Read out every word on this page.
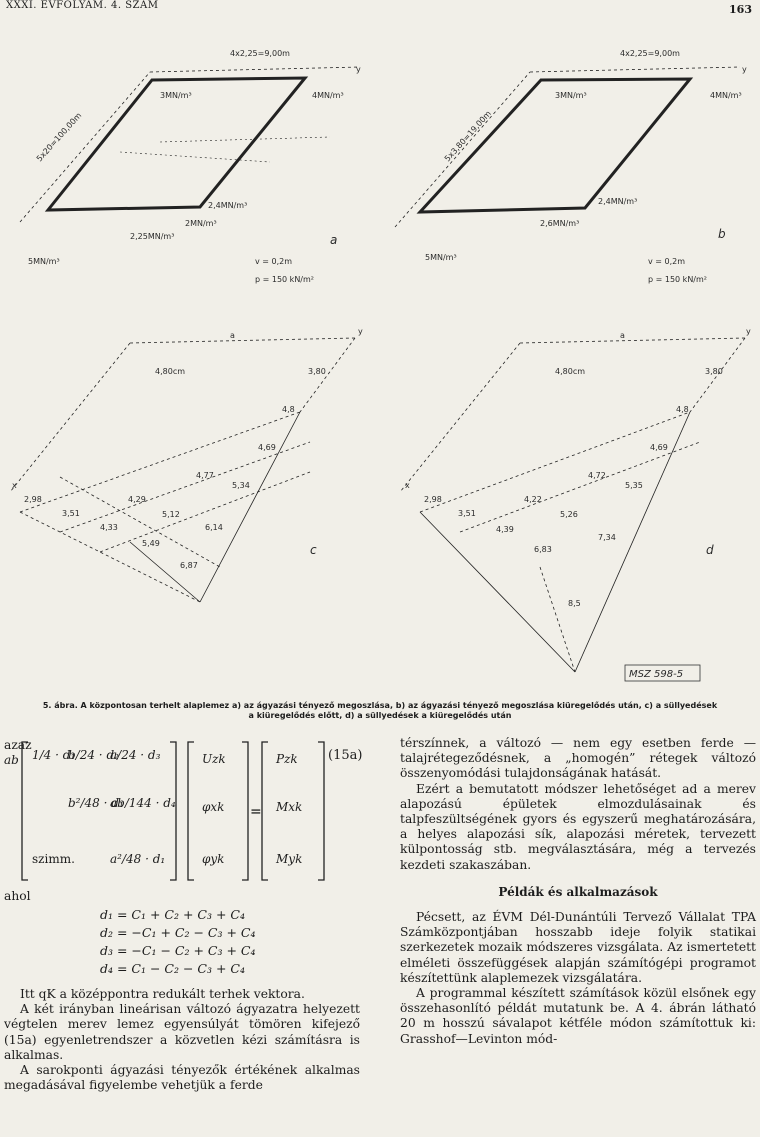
XXXI. ÉVFOLYAM. 4. SZÁM	163
4x2,25=9,00m
5x20=100,00m
3MN/m³	4MN/m³
2,25MN/m³
2MN/m³
2,4MN/m³
5MN/m³	v = 0,2m
p = 150 kN/m²
a
4x2,25=9,00m
5x3,80=19,00m
3MN/m³	4MN/m³
2,6MN/m³
2,4MN/m³
5MN/m³	v = 0,2m
p = 150 kN/m²
b
4,80cm	3,80
4,8
4,69
4,77
5,34
2,98
3,51
4,29
5,12
6,14
4,33
5,49
6,87
c
4,80cm	3,80
4,8
4,69
4,72
5,35
2,98
3,51
4,22
5,26
4,39
7,34
6,83
8,5
d
y	y
y	y
x	x
a	a
MSZ 598-5
5. ábra. A központosan terhelt alaplemez a) az ágyazási tényező megoszlása, b) az ágyazási tényező megoszlása kiüregelődés után, c) a süllyedések
a kiüregelődés előtt, d) a süllyedések a kiüregelődés után
azaz
ab
=
1/4 · d₁
b/24 · d₂
a/24 · d₃
b²/48 · d₁
ab/144 · d₄
szimm.	a²/48 · d₁
Uzk
φxk
φyk
Pzk
Mxk
Myk
(15a)
ahol
d₁ = C₁ + C₂ + C₃ + C₄
d₂ = −C₁ + C₂ − C₃ + C₄
d₃ = −C₁ − C₂ + C₃ + C₄
d₄ = C₁ − C₂ − C₃ + C₄

Itt qK a középpontra redukált terhek vektora.

A két irányban lineárisan változó ágyazatra helyezett végtelen merev lemez egyensúlyát tömören kifejező (15a) egyenletrendszer a közvetlen kézi számításra is alkalmas.

A sarokponti ágyazási tényezők értékének alkalmas megadásával figyelembe vehetjük a ferde

térszínnek, a változó — nem egy esetben ferde — talajrétegeződésnek, a „homogén” rétegek változó összenyomódási tulajdonságának hatását.

Ezért a bemutatott módszer lehetőséget ad a merev alapozású épületek elmozdulásainak és talpfeszültségének gyors és egyszerű meghatározására, a helyes alapozási sík, alapozási méretek, tervezett külpontosság stb. megválasztására, még a tervezés kezdeti szakaszában.

Példák és alkalmazások

Pécsett, az ÉVM Dél-Dunántúli Tervező Vállalat TPA Számközpontjában hosszabb ideje folyik statikai szerkezetek mozaik módszeres vizsgálata. Az ismertetett elméleti összefüggések alapján számítógépi programot készítettünk alaplemezek vizsgálatára.

A programmal készített számítások közül elsőnek egy összehasonlító példát mutatunk be. A 4. ábrán látható 20 m hosszú sávalapot kétféle módon számítottuk ki: Grasshof—Levinton mód-
